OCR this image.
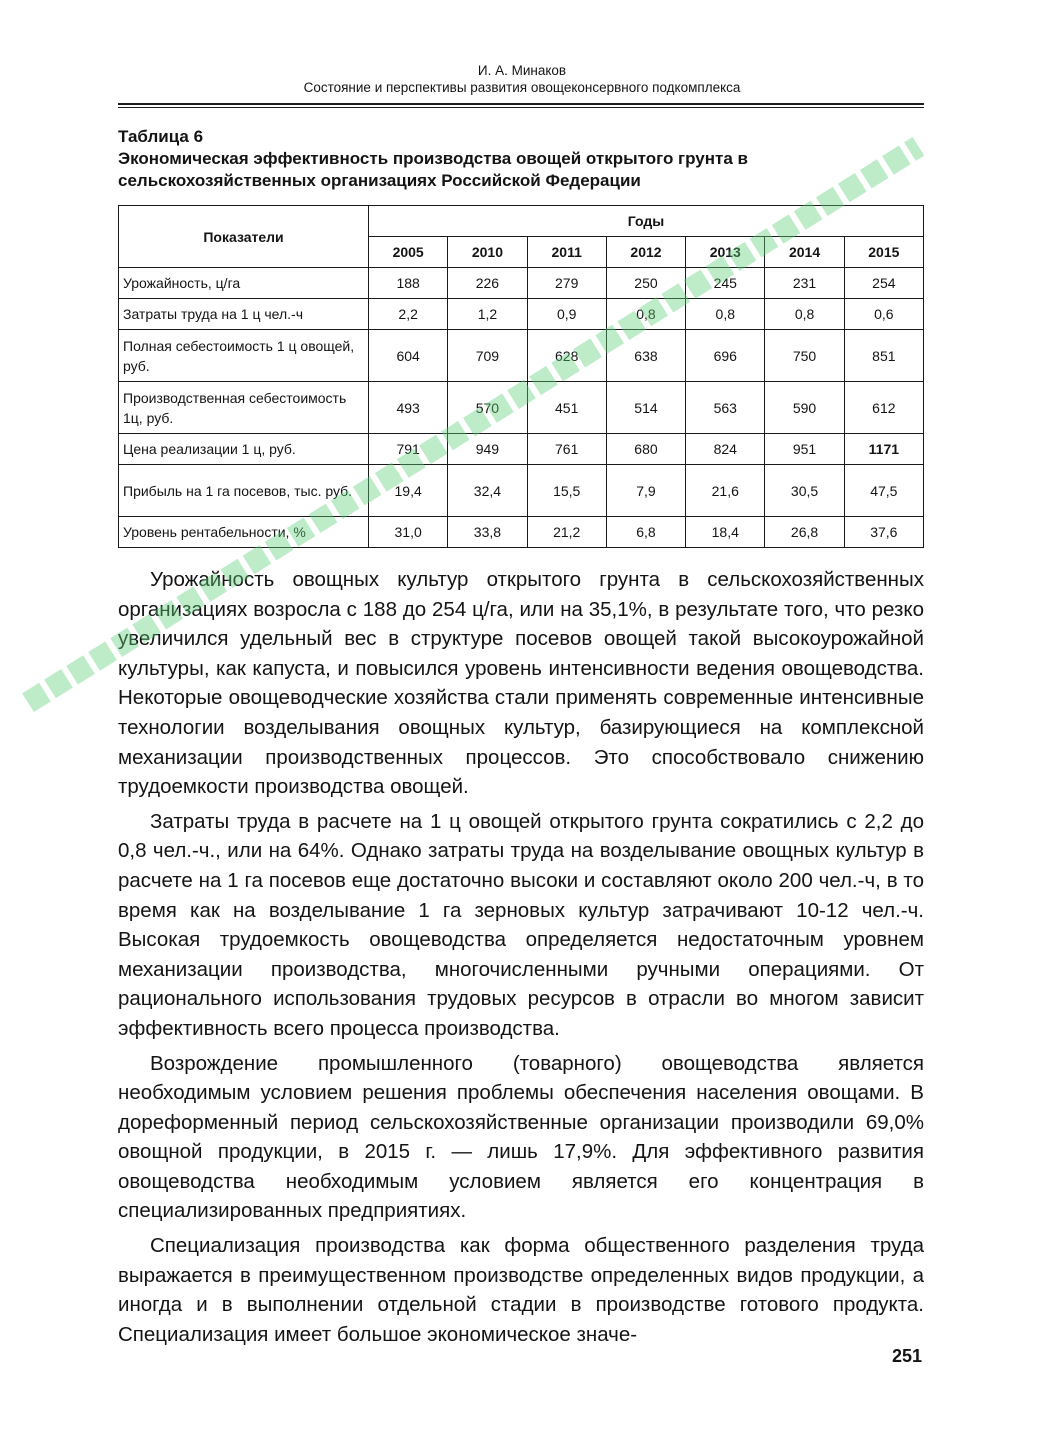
И. А. Минаков
Состояние и перспективы развития овощеконсервного подкомплекса
Таблица 6
Экономическая эффективность производства овощей открытого грунта в сельскохозяйственных организациях Российской Федерации
Показатели	Годы						
	2005	2010	2011	2012	2013	2014	2015
Урожайность, ц/га	188	226	279	250	245	231	254
Затраты труда на 1 ц чел.-ч	2,2	1,2	0,9	0,8	0,8	0,8	0,6
Полная себестоимость 1 ц овощей, руб.	604	709	628	638	696	750	851
Производственная себестоимость 1ц, руб.	493	570	451	514	563	590	612
Цена реализации 1 ц, руб.	791	949	761	680	824	951	1171
Прибыль на 1 га посевов, тыс. руб.	19,4	32,4	15,5	7,9	21,6	30,5	47,5
Уровень рентабельности, %	31,0	33,8	21,2	6,8	18,4	26,8	37,6

Урожайность овощных культур открытого грунта в сельскохозяйственных организациях возросла с 188 до 254 ц/га, или на 35,1%, в результате того, что резко увеличился удельный вес в структуре посевов овощей такой высокоурожайной культуры, как капуста, и повысился уровень интенсивности ведения овощеводства. Некоторые овощеводческие хозяйства стали применять современные интенсивные технологии возделывания овощных культур, базирующиеся на комплексной механизации производственных процессов. Это способствовало снижению трудоемкости производства овощей.

Затраты труда в расчете на 1 ц овощей открытого грунта сократились с 2,2 до 0,8 чел.-ч., или на 64%. Однако затраты труда на возделывание овощных культур в расчете на 1 га посевов еще достаточно высоки и составляют около 200 чел.-ч, в то время как на возделывание 1 га зерновых культур затрачивают 10-12 чел.-ч. Высокая трудоемкость овощеводства определяется недостаточным уровнем механизации производства, многочисленными ручными операциями. От рационального использования трудовых ресурсов в отрасли во многом зависит эффективность всего процесса производства.

Возрождение промышленного (товарного) овощеводства является необходимым условием решения проблемы обеспечения населения овощами. В дореформенный период сельскохозяйственные организации производили 69,0% овощной продукции, в 2015 г. — лишь 17,9%. Для эффективного развития овощеводства необходимым условием является его концентрация в специализированных предприятиях.

Специализация производства как форма общественного разделения труда выражается в преимущественном производстве определенных видов продукции, а иногда и в выполнении отдельной стадии в производстве готового продукта. Специализация имеет большое экономическое значе-

251
